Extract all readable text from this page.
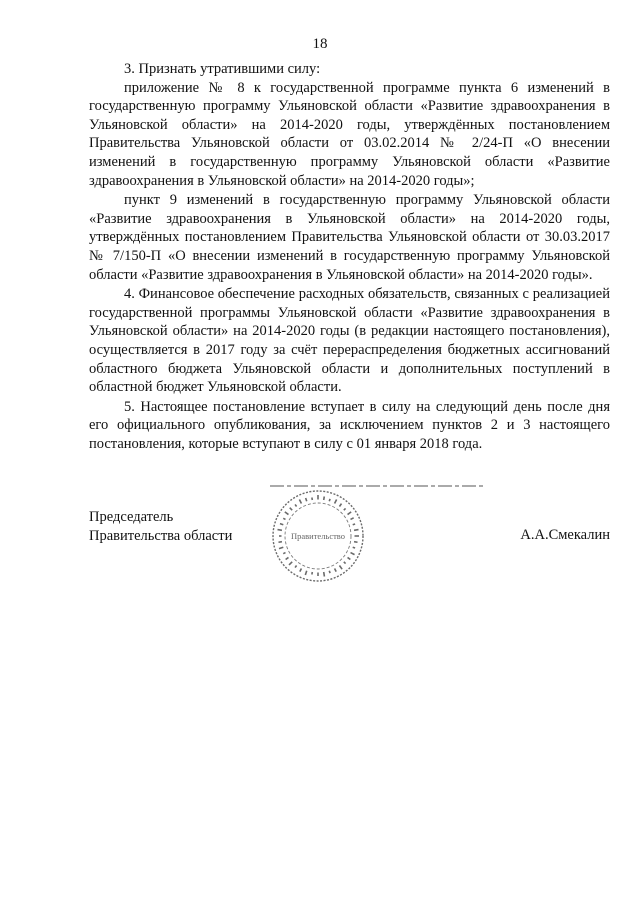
18

3. Признать утратившими силу:

приложение № 8 к государственной программе пункта 6 изменений в государственную программу Ульяновской области «Развитие здравоохранения в Ульяновской области» на 2014-2020 годы, утверждённых постановлением Правительства Ульяновской области от 03.02.2014 № 2/24-П «О внесении изменений в государственную программу Ульяновской области «Развитие здравоохранения в Ульяновской области» на 2014-2020 годы»;

пункт 9 изменений в государственную программу Ульяновской области «Развитие здравоохранения в Ульяновской области» на 2014-2020 годы, утверждённых постановлением Правительства Ульяновской области от 30.03.2017 № 7/150-П «О внесении изменений в государственную программу Ульяновской области «Развитие здравоохранения в Ульяновской области» на 2014-2020 годы».

4. Финансовое обеспечение расходных обязательств, связанных с реализацией государственной программы Ульяновской области «Развитие здравоохранения в Ульяновской области» на 2014-2020 годы (в редакции настоящего постановления), осуществляется в 2017 году за счёт перераспределения бюджетных ассигнований областного бюджета Ульяновской области и дополнительных поступлений в областной бюджет Ульяновской области.

5. Настоящее постановление вступает в силу на следующий день после дня его официального опубликования, за исключением пунктов 2 и 3 настоящего постановления, которые вступают в силу с 01 января 2018 года.

Председатель
Правительства области	А.А.Смекалин
Правительство
